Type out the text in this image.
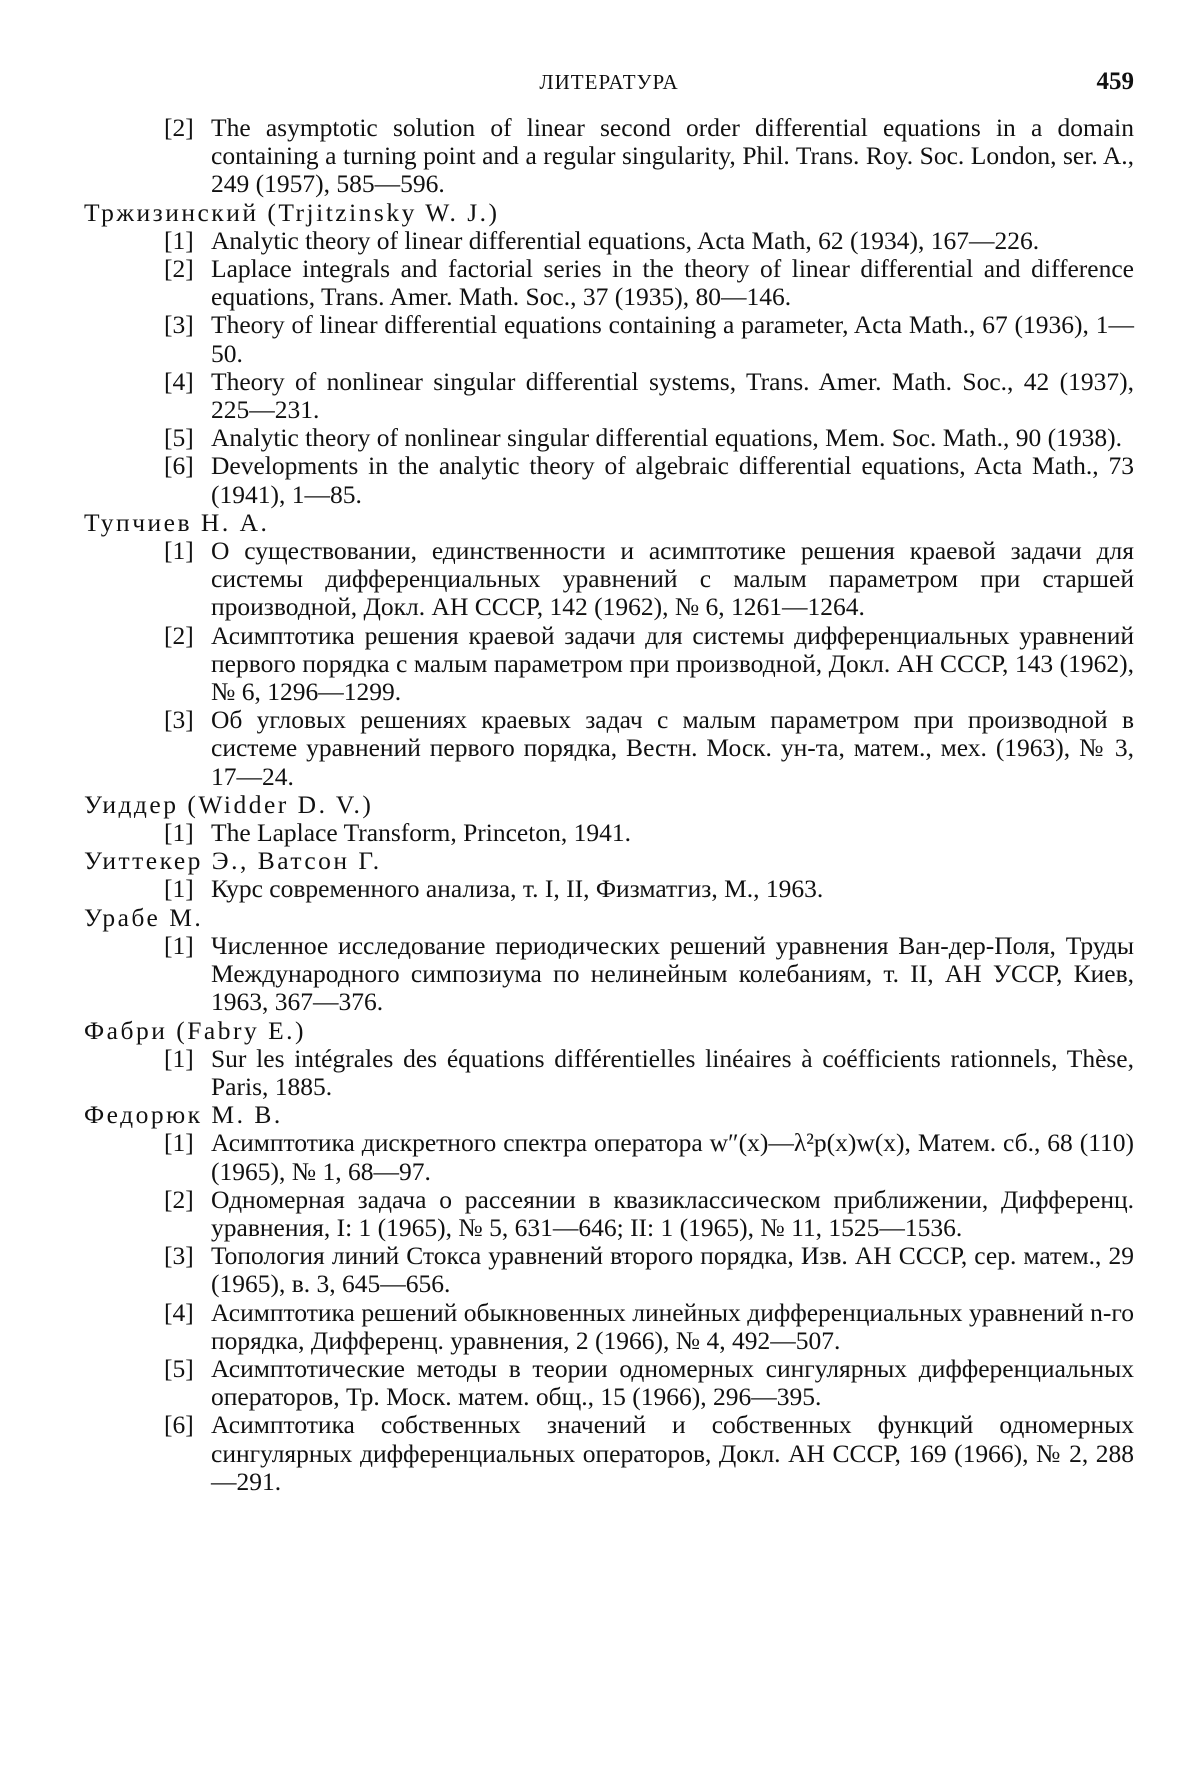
ЛИТЕРАТУРА	459
[2] The asymptotic solution of linear second order differential equations in a domain containing a turning point and a regular singularity, Phil. Trans. Roy. Soc. London, ser. A., 249 (1957), 585—596.

Тржизинский (Trjitzinsky W. J.)

[1] Analytic theory of linear differential equations, Acta Math, 62 (1934), 167—226.
[2] Laplace integrals and factorial series in the theory of linear differential and difference equations, Trans. Amer. Math. Soc., 37 (1935), 80—146.
[3] Theory of linear differential equations containing a parameter, Acta Math., 67 (1936), 1—50.
[4] Theory of nonlinear singular differential systems, Trans. Amer. Math. Soc., 42 (1937), 225—231.
[5] Analytic theory of nonlinear singular differential equations, Mem. Soc. Math., 90 (1938).
[6] Developments in the analytic theory of algebraic differential equations, Acta Math., 73 (1941), 1—85.

Тупчиев Н. А.

[1] О существовании, единственности и асимптотике решения краевой задачи для системы дифференциальных уравнений с малым параметром при старшей производной, Докл. АН СССР, 142 (1962), № 6, 1261—1264.
[2] Асимптотика решения краевой задачи для системы дифференциальных уравнений первого порядка с малым параметром при производной, Докл. АН СССР, 143 (1962), № 6, 1296—1299.
[3] Об угловых решениях краевых задач с малым параметром при производной в системе уравнений первого порядка, Вестн. Моск. ун-та, матем., мех. (1963), № 3, 17—24.

Уиддер (Widder D. V.)

[1] The Laplace Transform, Princeton, 1941.

Уиттекер Э., Ватсон Г.

[1] Курс современного анализа, т. I, II, Физматгиз, М., 1963.

Урабе М.

[1] Численное исследование периодических решений уравнения Ван-дер-Поля, Труды Международного симпозиума по нелинейным колебаниям, т. II, АН УССР, Киев, 1963, 367—376.

Фабри (Fabry E.)

[1] Sur les intégrales des équations différentielles linéaires à coéfficients rationnels, Thèse, Paris, 1885.

Федорюк М. В.

[1] Асимптотика дискретного спектра оператора w″(x)—λ²p(x)w(x), Матем. сб., 68 (110) (1965), № 1, 68—97.
[2] Одномерная задача о рассеянии в квазиклассическом приближении, Дифференц. уравнения, I: 1 (1965), № 5, 631—646; II: 1 (1965), № 11, 1525—1536.
[3] Топология линий Стокса уравнений второго порядка, Изв. АН СССР, сер. матем., 29 (1965), в. 3, 645—656.
[4] Асимптотика решений обыкновенных линейных дифференциальных уравнений n-го порядка, Дифференц. уравнения, 2 (1966), № 4, 492—507.
[5] Асимптотические методы в теории одномерных сингулярных дифференциальных операторов, Тр. Моск. матем. общ., 15 (1966), 296—395.
[6] Асимптотика собственных значений и собственных функций одномерных сингулярных дифференциальных операторов, Докл. АН СССР, 169 (1966), № 2, 288—291.
